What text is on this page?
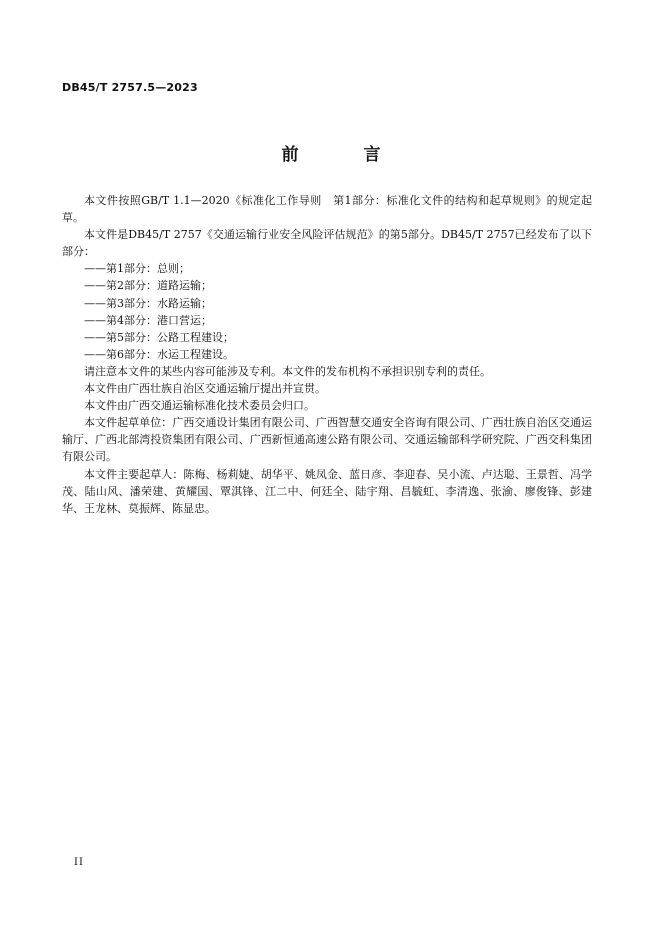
DB45/T 2757.5—2023
前　言

本文件按照GB/T 1.1—2020《标准化工作导则　第1部分：标准化文件的结构和起草规则》的规定起草。

本文件是DB45/T 2757《交通运输行业安全风险评估规范》的第5部分。DB45/T 2757已经发布了以下部分：

——第1部分：总则；

——第2部分：道路运输；

——第3部分：水路运输；

——第4部分：港口营运；

——第5部分：公路工程建设；

——第6部分：水运工程建设。

请注意本文件的某些内容可能涉及专利。本文件的发布机构不承担识别专利的责任。

本文件由广西壮族自治区交通运输厅提出并宣贯。

本文件由广西交通运输标准化技术委员会归口。

本文件起草单位：广西交通设计集团有限公司、广西智慧交通安全咨询有限公司、广西壮族自治区交通运输厅、广西北部湾投资集团有限公司、广西新恒通高速公路有限公司、交通运输部科学研究院、广西交科集团有限公司。

本文件主要起草人：陈梅、杨莉婕、胡华平、姚凤金、蓝日彦、李迎春、吴小流、卢达聪、王景哲、冯学茂、陆山风、潘荣建、黄耀国、覃淇锋、江二中、何廷全、陆宇翔、昌毓虹、李清逸、张渝、廖俊锋、彭建华、王龙林、莫振辉、陈显忠。

II
